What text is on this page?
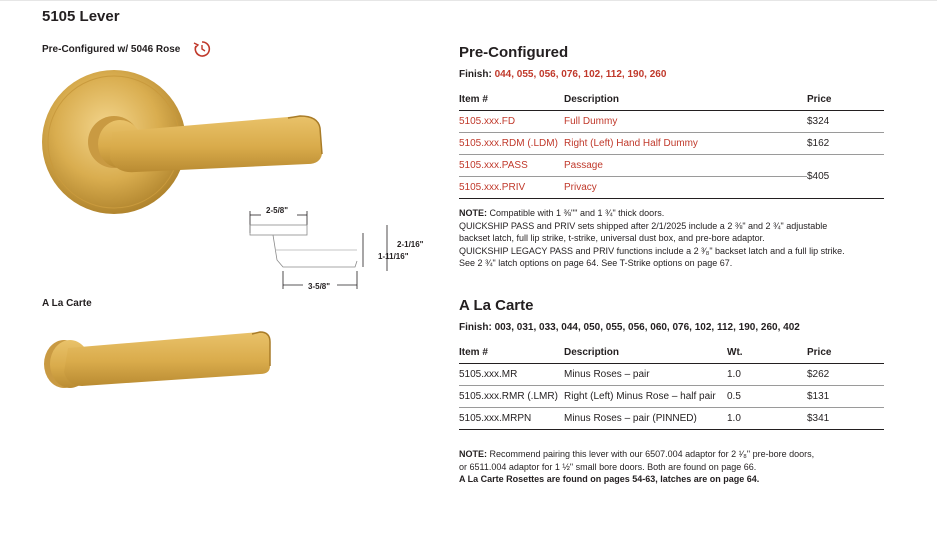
5105 Lever
Pre-Configured w/ 5046 Rose
2-5/8"
2-1/16"
1-11/16"
3-5/8"
A La Carte
Pre-Configured
Finish: 044, 055, 056, 076, 102, 112, 190, 260
Item #	Description	Price
5105.xxx.FD	Full Dummy	$324
5105.xxx.RDM (.LDM)	Right (Left) Hand Half Dummy	$162
5105.xxx.PASS	Passage	$405
5105.xxx.PRIV	Privacy	
NOTE: Compatible with 1 ⅜"" and 1 ¾" thick doors.
QUICKSHIP PASS and PRIV sets shipped after 2/1/2025 include a 2 ⅜" and 2 ¾" adjustable
backset latch, full lip strike, t-strike, universal dust box, and pre-bore adaptor.
QUICKSHIP LEGACY PASS and PRIV functions include a 2 ³⁄₈" backset latch and a full lip strike.
See 2 ¾" latch options on page 64. See T-Strike options on page 67.
A La Carte
Finish: 003, 031, 033, 044, 050, 055, 056, 060, 076, 102, 112, 190, 260, 402
Item #	Description	Wt.	Price
5105.xxx.MR	Minus Roses – pair	1.0	$262
5105.xxx.RMR (.LMR)	Right (Left) Minus Rose – half pair	0.5	$131
5105.xxx.MRPN	Minus Roses – pair (PINNED)	1.0	$341
NOTE: Recommend pairing this lever with our 6507.004 adaptor for 2 ¹⁄₈" pre-bore doors,
or 6511.004 adaptor for 1 ½" small bore doors. Both are found on page 66.
A La Carte Rosettes are found on pages 54-63, latches are on page 64.
